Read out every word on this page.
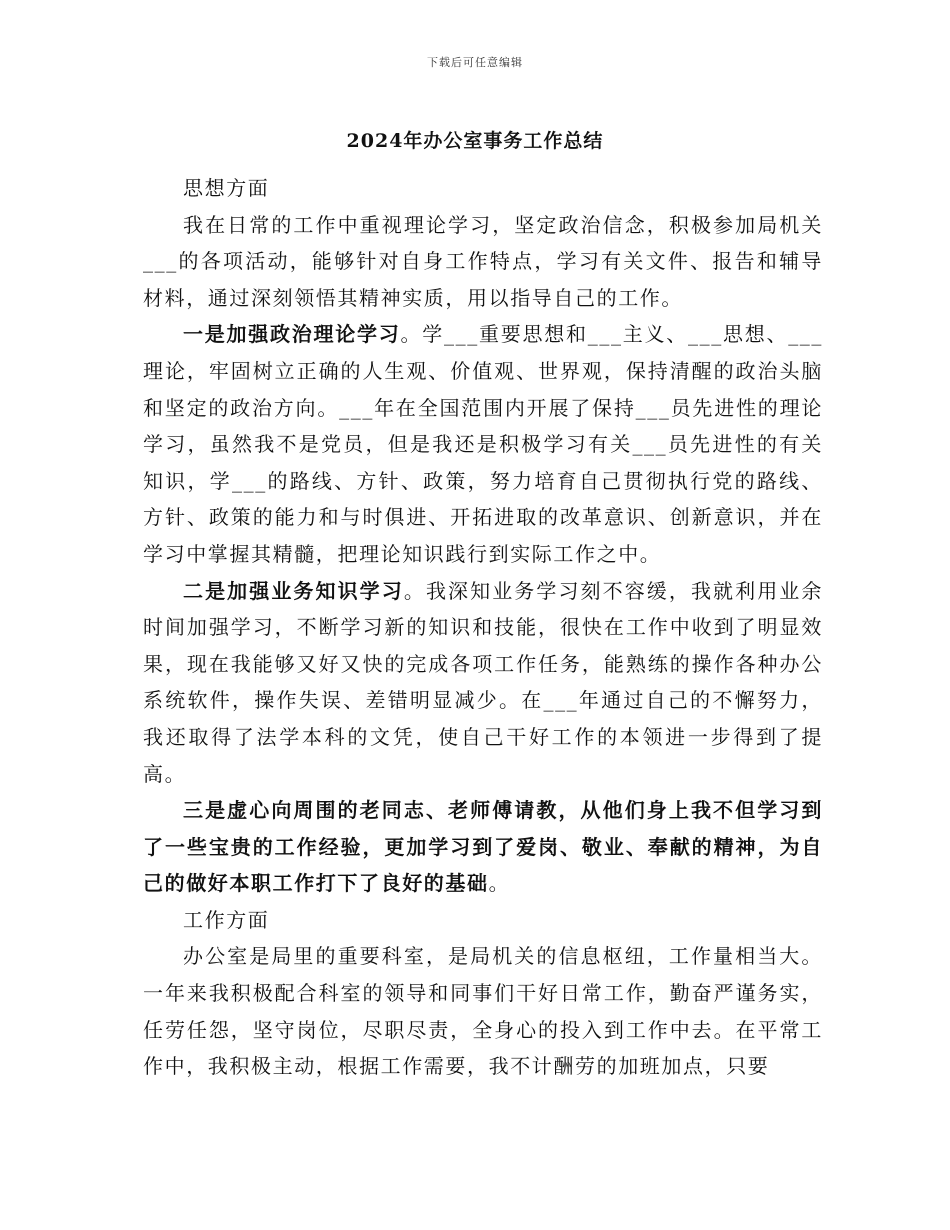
下载后可任意编辑
2024年办公室事务工作总结

思想方面

我在日常的工作中重视理论学习，坚定政治信念，积极参加局机关___的各项活动，能够针对自身工作特点，学习有关文件、报告和辅导材料，通过深刻领悟其精神实质，用以指导自己的工作。

一是加强政治理论学习。学___重要思想和___主义、___思想、___理论，牢固树立正确的人生观、价值观、世界观，保持清醒的政治头脑和坚定的政治方向。___年在全国范围内开展了保持___员先进性的理论学习，虽然我不是党员，但是我还是积极学习有关___员先进性的有关知识，学___的路线、方针、政策，努力培育自己贯彻执行党的路线、方针、政策的能力和与时俱进、开拓进取的改革意识、创新意识，并在学习中掌握其精髓，把理论知识践行到实际工作之中。

二是加强业务知识学习。我深知业务学习刻不容缓，我就利用业余时间加强学习，不断学习新的知识和技能，很快在工作中收到了明显效果，现在我能够又好又快的完成各项工作任务，能熟练的操作各种办公系统软件，操作失误、差错明显减少。在___年通过自己的不懈努力，我还取得了法学本科的文凭，使自己干好工作的本领进一步得到了提高。

三是虚心向周围的老同志、老师傅请教，从他们身上我不但学习到了一些宝贵的工作经验，更加学习到了爱岗、敬业、奉献的精神，为自己的做好本职工作打下了良好的基础。

工作方面

办公室是局里的重要科室，是局机关的信息枢纽，工作量相当大。一年来我积极配合科室的领导和同事们干好日常工作，勤奋严谨务实，任劳任怨，坚守岗位，尽职尽责，全身心的投入到工作中去。在平常工作中，我积极主动，根据工作需要，我不计酬劳的加班加点，只要
